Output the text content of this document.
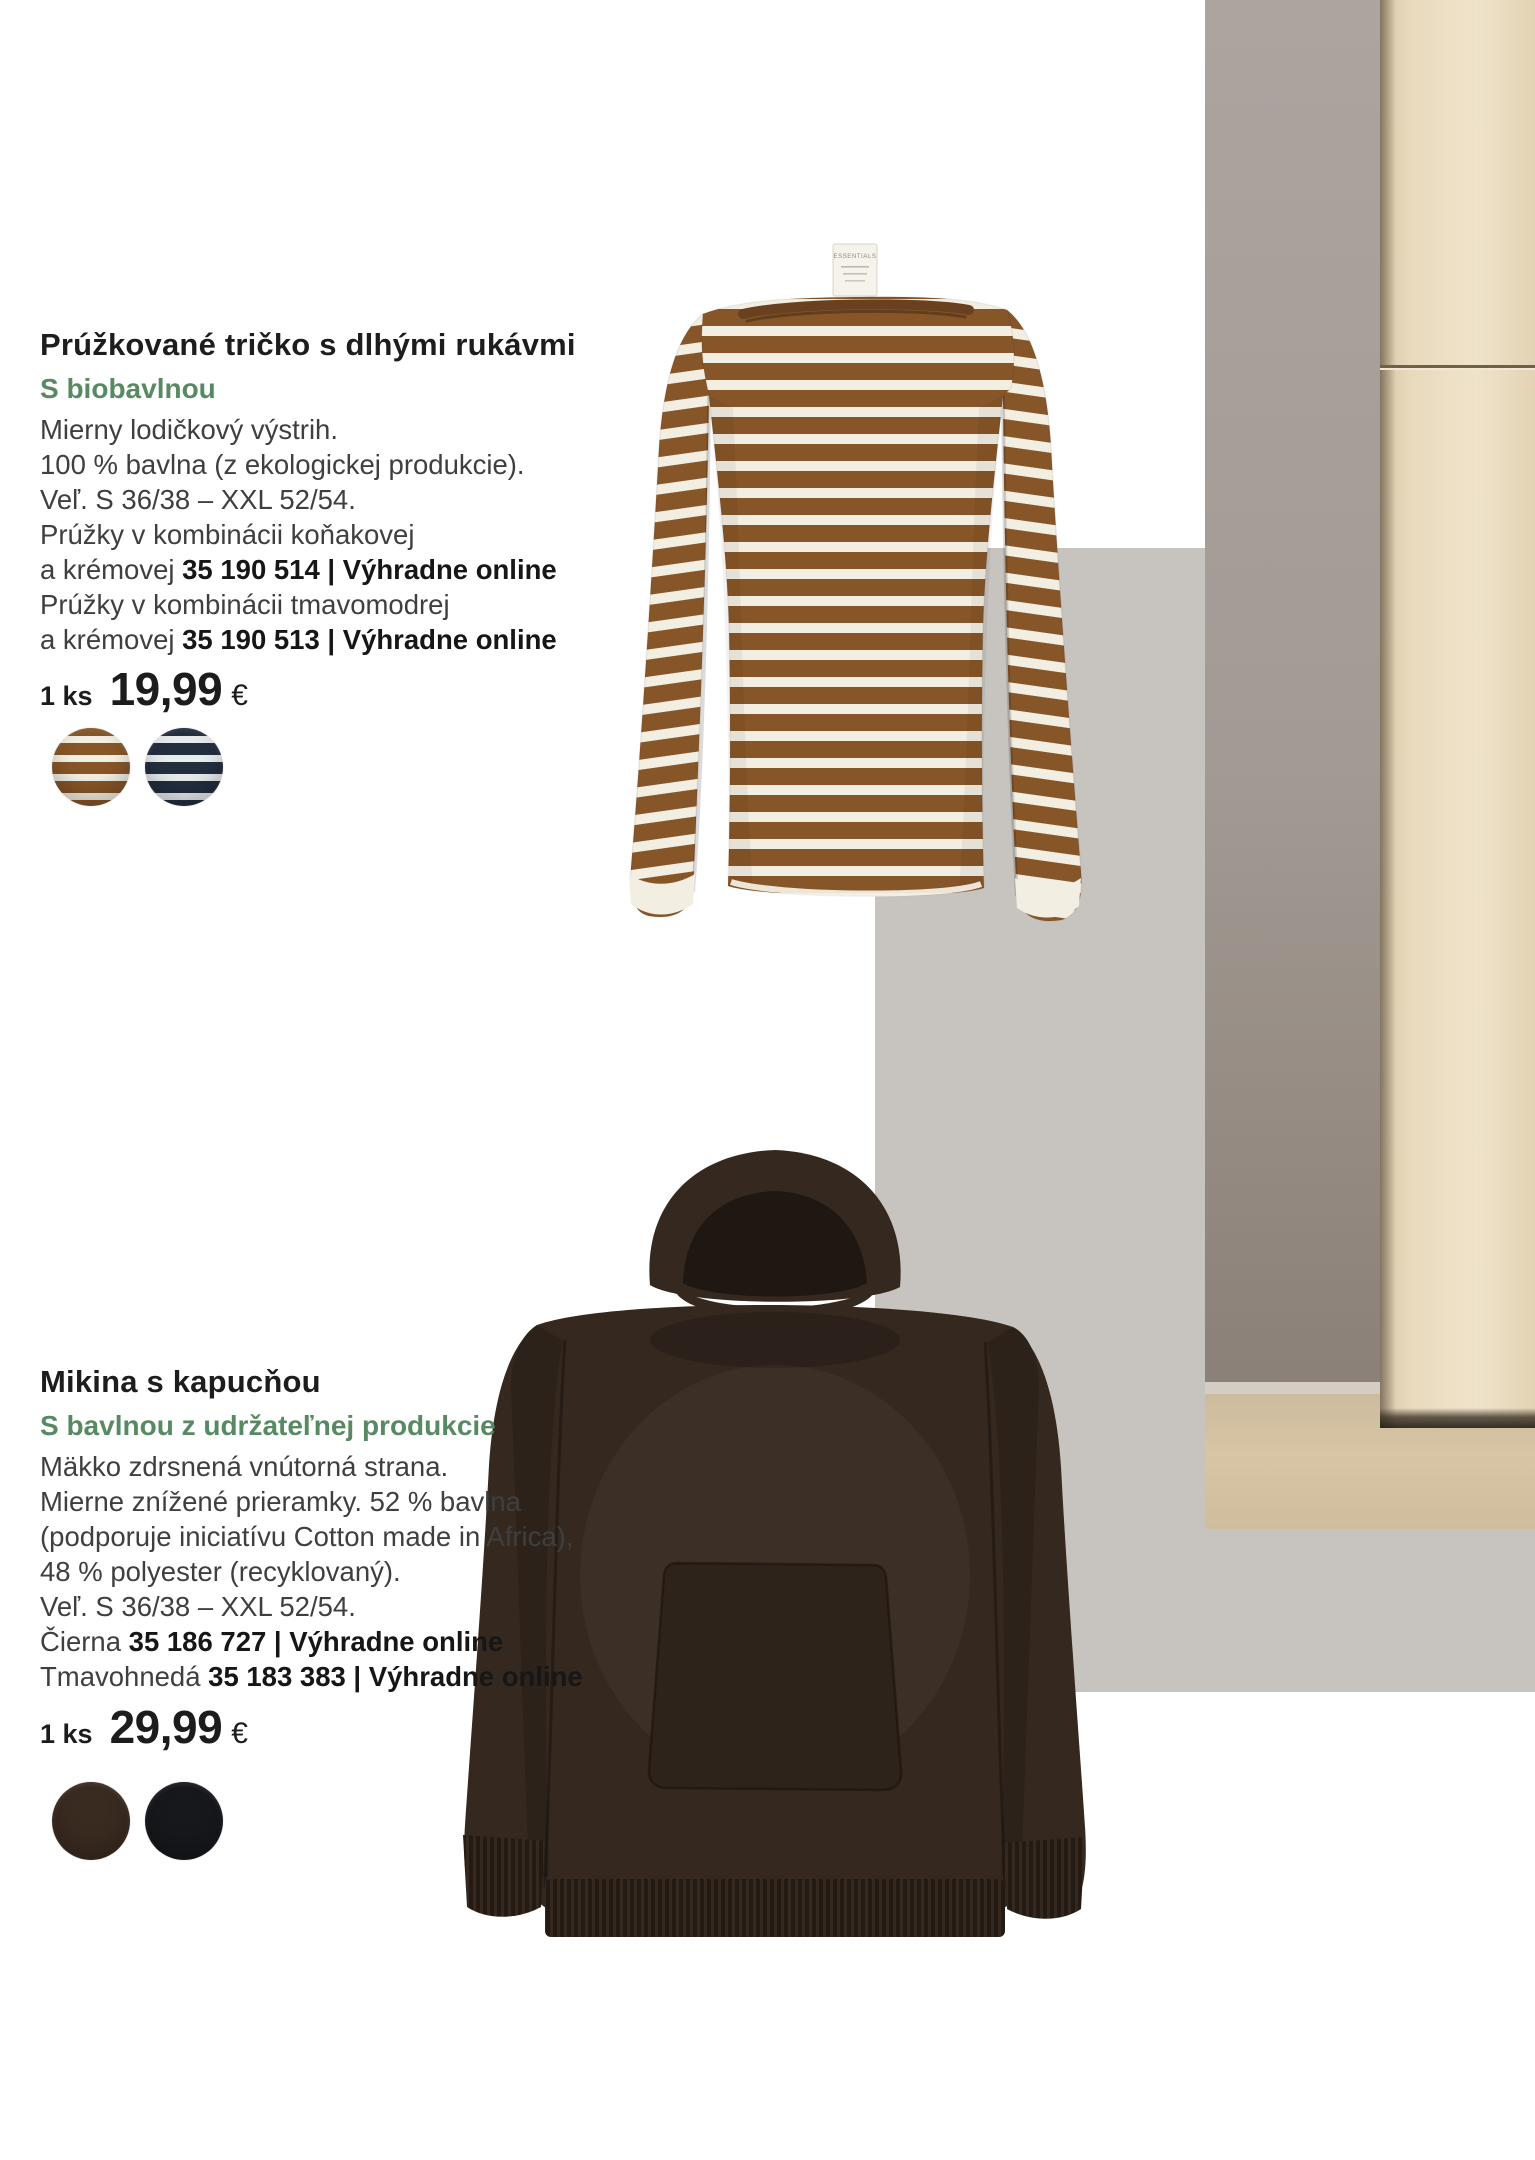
ESSENTIALS
Prúžkované tričko s dlhými rukávmi
S biobavlnou
Mierny lodičkový výstrih.
100 % bavlna (z ekologickej produkcie).
Veľ. S 36/38 – XXL 52/54.
Prúžky v kombinácii koňakovej
a krémovej 35 190 514 | Výhradne online
Prúžky v kombinácii tmavomodrej
a krémovej 35 190 513 | Výhradne online
1 ks 19,99 €
Mikina s kapucňou
S bavlnou z udržateľnej produkcie
Mäkko zdrsnená vnútorná strana.
Mierne znížené prieramky. 52 % bavlna
(podporuje iniciatívu Cotton made in Africa),
48 % polyester (recyklovaný).
Veľ. S 36/38 – XXL 52/54.
Čierna 35 186 727 | Výhradne online
Tmavohnedá 35 183 383 | Výhradne online
1 ks 29,99 €
